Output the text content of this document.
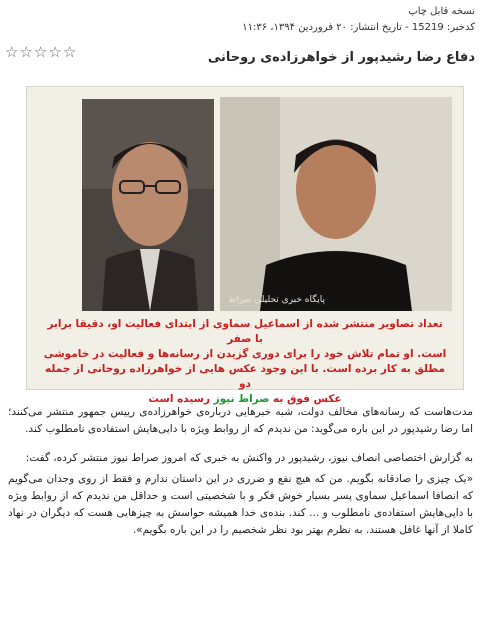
نسخه قابل چاپ
کدخبر: 15219 - تاریخ انتشار: ۲۰ فروردین ۱۳۹۴، ۱۱:۳۶
☆ ☆ ☆ ☆ ☆	دفاع رضا رشیدپور از خواهرزاده‌ی روحانی
پایگاه خبری تحلیلی صراط
تعداد تصاویر منتشر شده از اسماعیل سماوی از ابتدای فعالیت او، دقیقا برابر با صفر
است. او تمام تلاش خود را برای دوری گزیدن از رسانه‌ها و فعالیت در خاموشی
مطلق به کار برده است. با این وجود عکس هایی از خواهرزاده روحانی از جمله دو
عکس فوق به صراط نیوز رسیده است

مدت‌هاست که رسانه‌های مخالف دولت، شبه خبرهایی درباره‌ی خواهرزاده‌ی رییس جمهور منتشر می‌کنند؛ اما رضا رشیدپور در این باره می‌گوید: من ندیدم که از روابط ویژه با دایی‌هایش استفاده‌ی نامطلوب کند.

به گزارش اختصاصی انصاف نیوز، رشیدپور در واکنش به خبری که امروز صراط نیوز منتشر کرده، گفت:

«یک چیزی را صادقانه بگویم. من که هیچ نفع و ضرری در این داستان ندارم و فقط از روی وجدان می‌گویم که انصافا اسماعیل سماوی پسر بسیار خوش فکر و با شخصیتی است و حداقل من ندیدم که از روابط ویژه با دایی‌هایش استفاده‌ی نامطلوب و ... کند. بنده‌ی خدا همیشه حواسش به چیزهایی هست که دیگران در نهاد کاملا از آنها غافل هستند. به نظرم بهتر بود نظر شخصیم را در این باره بگویم».
